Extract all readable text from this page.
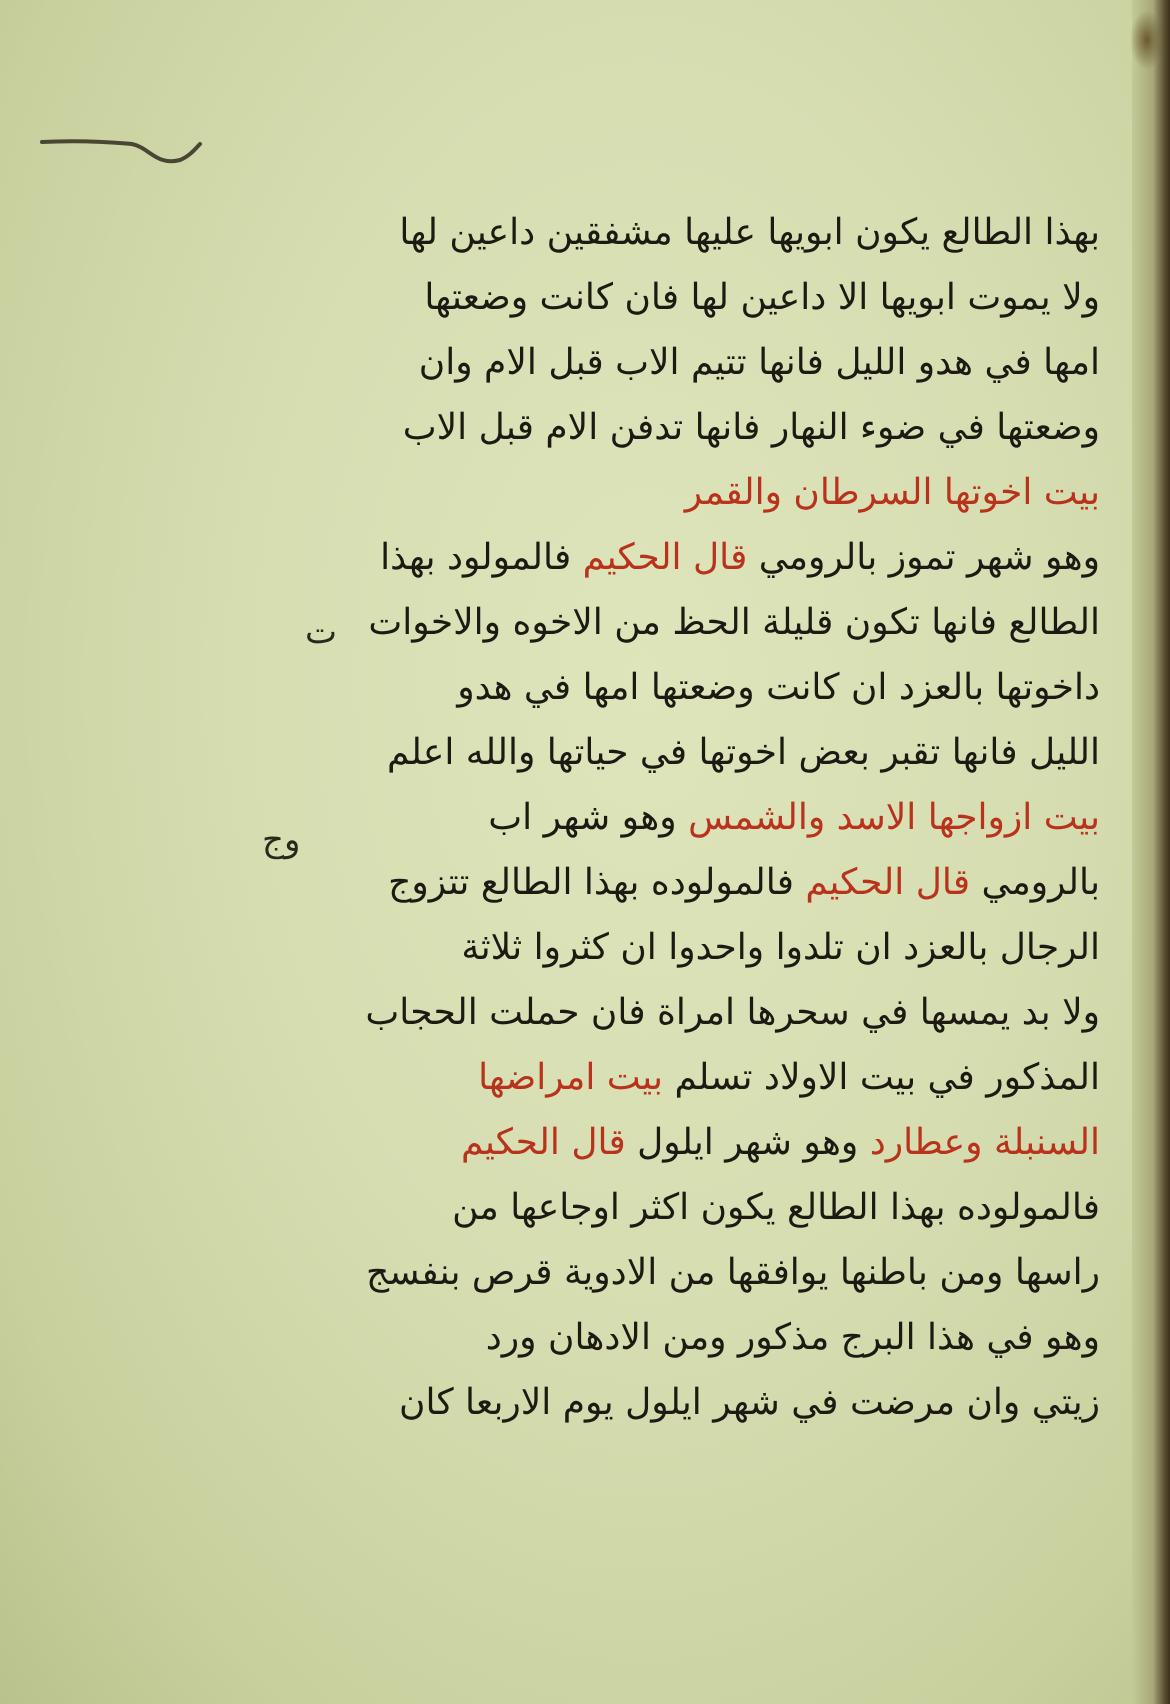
بهذا الطالع يكون ابويها عليها مشفقين داعين لها
ولا يموت ابويها الا داعين لها فان كانت وضعتها
امها في هدو الليل فانها تتيم الاب قبل الام وان
وضعتها في ضوء النهار فانها تدفن الام قبل الاب
بيت اخوتها السرطان والقمر
وهو شهر تموز بالرومي قال الحكيم فالمولود بهذا
الطالع فانها تكون قليلة الحظ من الاخوه والاخوات
داخوتها بالعزد ان كانت وضعتها امها في هدو
الليل فانها تقبر بعض اخوتها في حياتها والله اعلم
بيت ازواجها الاسد والشمس وهو شهر اب
بالرومي قال الحكيم فالمولوده بهذا الطالع تتزوج
الرجال بالعزد ان تلدوا واحدوا ان كثروا ثلاثة
ولا بد يمسها في سحرها امراة فان حملت الحجاب
المذكور في بيت الاولاد تسلم بيت امراضها
السنبلة وعطارد وهو شهر ايلول قال الحكيم
فالمولوده بهذا الطالع يكون اكثر اوجاعها من
راسها ومن باطنها يوافقها من الادوية قرص بنفسج
وهو في هذا البرج مذكور ومن الادهان ورد
زيتي وان مرضت في شهر ايلول يوم الاربعا كان
ت
وج
